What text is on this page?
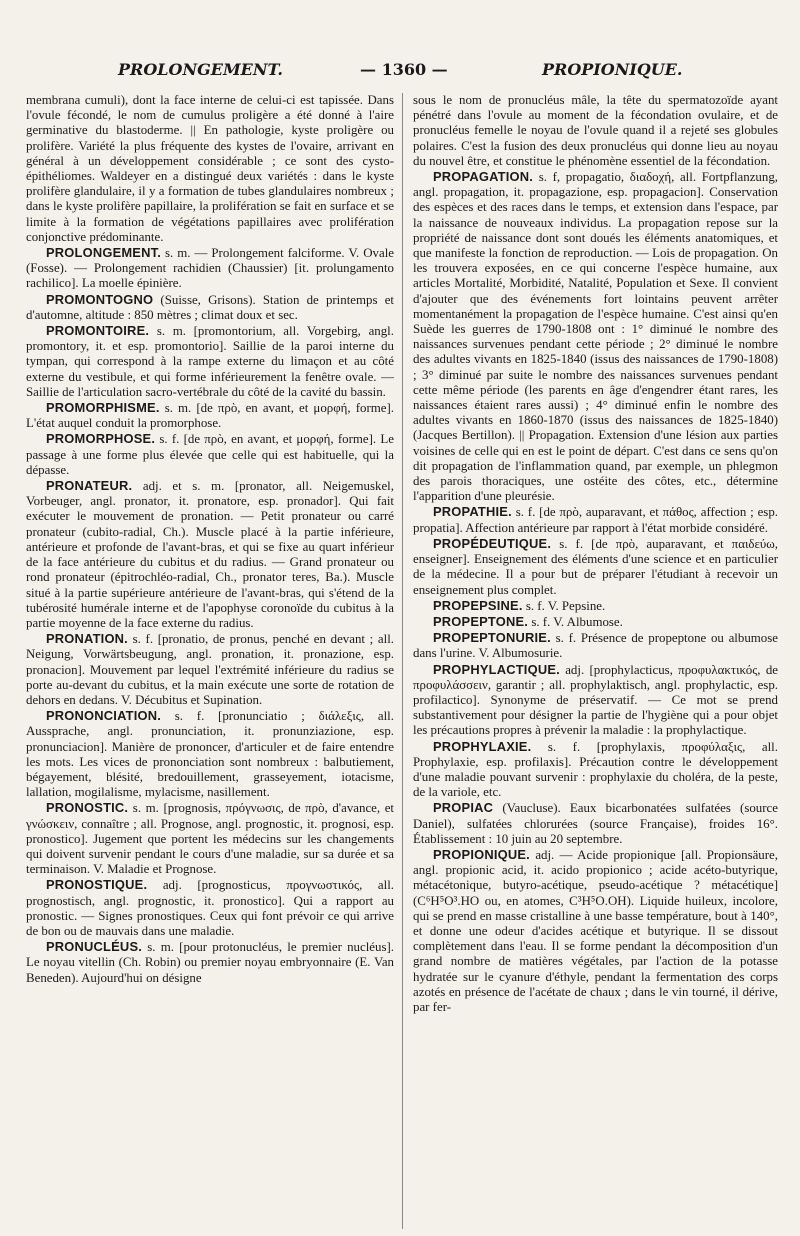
PROLONGEMENT.	— 1360 —	PROPIONIQUE.

membrana cumuli), dont la face interne de celui-ci est tapissée. Dans l'ovule fécondé, le nom de cumulus proligère a été donné à l'aire germinative du blastoderme. || En pathologie, kyste proligère ou prolifère. Variété la plus fréquente des kystes de l'ovaire, arrivant en général à un développement considérable ; ce sont des cysto-épithéliomes. Waldeyer en a distingué deux variétés : dans le kyste prolifère glandulaire, il y a formation de tubes glandulaires nombreux ; dans le kyste prolifère papillaire, la prolifération se fait en surface et se limite à la formation de végétations papillaires avec prolifération conjonctive prédominante.

PROLONGEMENT. s. m. — Prolongement falciforme. V. Ovale (Fosse). — Prolongement rachidien (Chaussier) [it. prolungamento rachilico]. La moelle épinière.

PROMONTOGNO (Suisse, Grisons). Station de printemps et d'automne, altitude : 850 mètres ; climat doux et sec.

PROMONTOIRE. s. m. [promontorium, all. Vorgebirg, angl. promontory, it. et esp. promontorio]. Saillie de la paroi interne du tympan, qui correspond à la rampe externe du limaçon et au côté externe du vestibule, et qui forme inférieurement la fenêtre ovale. — Saillie de l'articulation sacro-vertébrale du côté de la cavité du bassin.

PROMORPHISME. s. m. [de πρὸ, en avant, et μορφή, forme]. L'état auquel conduit la promorphose.

PROMORPHOSE. s. f. [de πρὸ, en avant, et μορφή, forme]. Le passage à une forme plus élevée que celle qui est habituelle, qui la dépasse.

PRONATEUR. adj. et s. m. [pronator, all. Neigemuskel, Vorbeuger, angl. pronator, it. pronatore, esp. pronador]. Qui fait exécuter le mouvement de pronation. — Petit pronateur ou carré pronateur (cubito-radial, Ch.). Muscle placé à la partie inférieure, antérieure et profonde de l'avant-bras, et qui se fixe au quart inférieur de la face antérieure du cubitus et du radius. — Grand pronateur ou rond pronateur (épitrochléo-radial, Ch., pronator teres, Ba.). Muscle situé à la partie supérieure antérieure de l'avant-bras, qui s'étend de la tubérosité humérale interne et de l'apophyse coronoïde du cubitus à la partie moyenne de la face externe du radius.

PRONATION. s. f. [pronatio, de pronus, penché en devant ; all. Neigung, Vorwärtsbeugung, angl. pronation, it. pronazione, esp. pronacion]. Mouvement par lequel l'extrémité inférieure du radius se porte au-devant du cubitus, et la main exécute une sorte de rotation de dehors en dedans. V. Décubitus et Supination.

PRONONCIATION. s. f. [pronunciatio ; διάλεξις, all. Aussprache, angl. pronunciation, it. pronunziazione, esp. pronunciacion]. Manière de prononcer, d'articuler et de faire entendre les mots. Les vices de prononciation sont nombreux : balbutiement, bégayement, blésité, bredouillement, grasseyement, iotacisme, lallation, mogilalisme, mylacisme, nasillement.

PRONOSTIC. s. m. [prognosis, πρόγνωσις, de πρὸ, d'avance, et γνώσκειν, connaître ; all. Prognose, angl. prognostic, it. prognosi, esp. pronostico]. Jugement que portent les médecins sur les changements qui doivent survenir pendant le cours d'une maladie, sur sa durée et sa terminaison. V. Maladie et Prognose.

PRONOSTIQUE. adj. [prognosticus, προγνωστικός, all. prognostisch, angl. prognostic, it. pronostico]. Qui a rapport au pronostic. — Signes pronostiques. Ceux qui font prévoir ce qui arrive de bon ou de mauvais dans une maladie.

PRONUCLÉUS. s. m. [pour protonucléus, le premier nucléus]. Le noyau vitellin (Ch. Robin) ou premier noyau embryonnaire (E. Van Beneden). Aujourd'hui on désigne

sous le nom de pronucléus mâle, la tête du spermatozoïde ayant pénétré dans l'ovule au moment de la fécondation ovulaire, et de pronucléus femelle le noyau de l'ovule quand il a rejeté ses globules polaires. C'est la fusion des deux pronucléus qui donne lieu au noyau du nouvel être, et constitue le phénomène essentiel de la fécondation.

PROPAGATION. s. f, propagatio, διαδοχή, all. Fortpflanzung, angl. propagation, it. propagazione, esp. propagacion]. Conservation des espèces et des races dans le temps, et extension dans l'espace, par la naissance de nouveaux individus. La propagation repose sur la propriété de naissance dont sont doués les éléments anatomiques, et que manifeste la fonction de reproduction. — Lois de propagation. On les trouvera exposées, en ce qui concerne l'espèce humaine, aux articles Mortalité, Morbidité, Natalité, Population et Sexe. Il convient d'ajouter que des événements fort lointains peuvent arrêter momentanément la propagation de l'espèce humaine. C'est ainsi qu'en Suède les guerres de 1790-1808 ont : 1° diminué le nombre des naissances survenues pendant cette période ; 2° diminué le nombre des adultes vivants en 1825-1840 (issus des naissances de 1790-1808) ; 3° diminué par suite le nombre des naissances survenues pendant cette même période (les parents en âge d'engendrer étant rares, les naissances étaient rares aussi) ; 4° diminué enfin le nombre des adultes vivants en 1860-1870 (issus des naissances de 1825-1840) (Jacques Bertillon). || Propagation. Extension d'une lésion aux parties voisines de celle qui en est le point de départ. C'est dans ce sens qu'on dit propagation de l'inflammation quand, par exemple, un phlegmon des parois thoraciques, une ostéite des côtes, etc., détermine l'apparition d'une pleurésie.

PROPATHIE. s. f. [de πρὸ, auparavant, et πάθος, affection ; esp. propatia]. Affection antérieure par rapport à l'état morbide considéré.

PROPÉDEUTIQUE. s. f. [de πρὸ, auparavant, et παιδεύω, enseigner]. Enseignement des éléments d'une science et en particulier de la médecine. Il a pour but de préparer l'étudiant à recevoir un enseignement plus complet.

PROPEPSINE. s. f. V. Pepsine.

PROPEPTONE. s. f. V. Albumose.

PROPEPTONURIE. s. f. Présence de propeptone ou albumose dans l'urine. V. Albumosurie.

PROPHYLACTIQUE. adj. [prophylacticus, προφυλακτικός, de προφυλάσσειν, garantir ; all. prophylaktisch, angl. prophylactic, esp. profilactico]. Synonyme de préservatif. — Ce mot se prend substantivement pour désigner la partie de l'hygiène qui a pour objet les précautions propres à prévenir la maladie : la prophylactique.

PROPHYLAXIE. s. f. [prophylaxis, προφύλαξις, all. Prophylaxie, esp. profilaxis]. Précaution contre le développement d'une maladie pouvant survenir : prophylaxie du choléra, de la peste, de la variole, etc.

PROPIAC (Vaucluse). Eaux bicarbonatées sulfatées (source Daniel), sulfatées chlorurées (source Française), froides 16°. Établissement : 10 juin au 20 septembre.

PROPIONIQUE. adj. — Acide propionique [all. Propionsäure, angl. propionic acid, it. acido propionico ; acide acéto-butyrique, métacétonique, butyro-acétique, pseudo-acétique ? métacétique] (C⁶H⁵O³.HO ou, en atomes, C³H⁵O.OH). Liquide huileux, incolore, qui se prend en masse cristalline à une basse température, bout à 140°, et donne une odeur d'acides acétique et butyrique. Il se dissout complètement dans l'eau. Il se forme pendant la décomposition d'un grand nombre de matières végétales, par l'action de la potasse hydratée sur le cyanure d'éthyle, pendant la fermentation des corps azotés en présence de l'acétate de chaux ; dans le vin tourné, il dérive, par fer-
